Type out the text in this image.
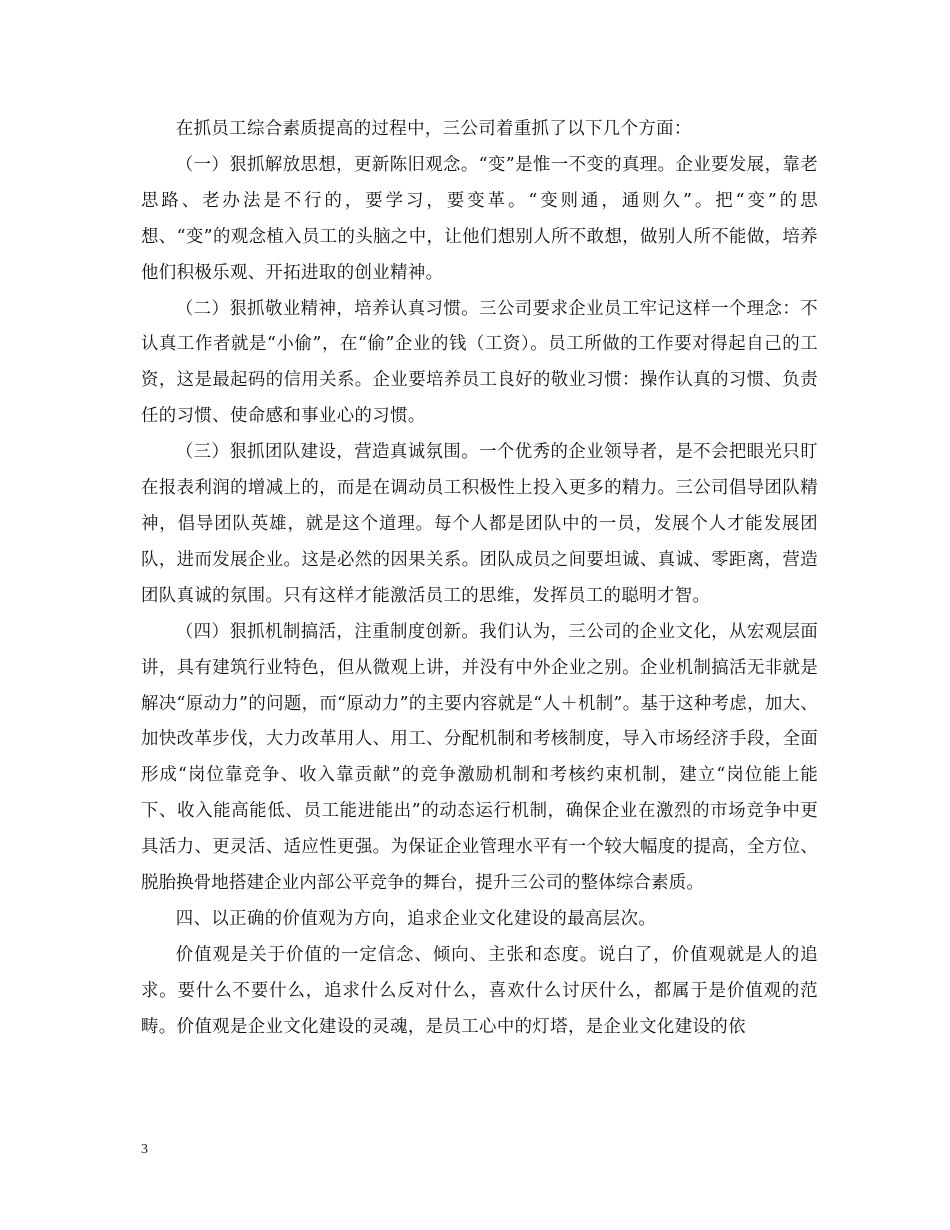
在抓员工综合素质提高的过程中，三公司着重抓了以下几个方面：

（一）狠抓解放思想，更新陈旧观念。“变”是惟一不变的真理。企业要发展，靠老思路、老办法是不行的，要学习，要变革。“变则通，通则久”。把“变”的思想、“变”的观念植入员工的头脑之中，让他们想别人所不敢想，做别人所不能做，培养他们积极乐观、开拓进取的创业精神。

（二）狠抓敬业精神，培养认真习惯。三公司要求企业员工牢记这样一个理念：不认真工作者就是“小偷”，在“偷”企业的钱（工资）。员工所做的工作要对得起自己的工资，这是最起码的信用关系。企业要培养员工良好的敬业习惯：操作认真的习惯、负责任的习惯、使命感和事业心的习惯。

（三）狠抓团队建设，营造真诚氛围。一个优秀的企业领导者，是不会把眼光只盯在报表利润的增减上的，而是在调动员工积极性上投入更多的精力。三公司倡导团队精神，倡导团队英雄，就是这个道理。每个人都是团队中的一员，发展个人才能发展团队，进而发展企业。这是必然的因果关系。团队成员之间要坦诚、真诚、零距离，营造团队真诚的氛围。只有这样才能激活员工的思维，发挥员工的聪明才智。

（四）狠抓机制搞活，注重制度创新。我们认为，三公司的企业文化，从宏观层面讲，具有建筑行业特色，但从微观上讲，并没有中外企业之别。企业机制搞活无非就是解决“原动力”的问题，而“原动力”的主要内容就是“人＋机制”。基于这种考虑，加大、加快改革步伐，大力改革用人、用工、分配机制和考核制度，导入市场经济手段，全面形成“岗位靠竞争、收入靠贡献”的竞争激励机制和考核约束机制，建立“岗位能上能下、收入能高能低、员工能进能出”的动态运行机制，确保企业在激烈的市场竞争中更具活力、更灵活、适应性更强。为保证企业管理水平有一个较大幅度的提高，全方位、脱胎换骨地搭建企业内部公平竞争的舞台，提升三公司的整体综合素质。

四、以正确的价值观为方向，追求企业文化建设的最高层次。

价值观是关于价值的一定信念、倾向、主张和态度。说白了，价值观就是人的追求。要什么不要什么，追求什么反对什么，喜欢什么讨厌什么，都属于是价值观的范畴。价值观是企业文化建设的灵魂，是员工心中的灯塔，是企业文化建设的依

3
